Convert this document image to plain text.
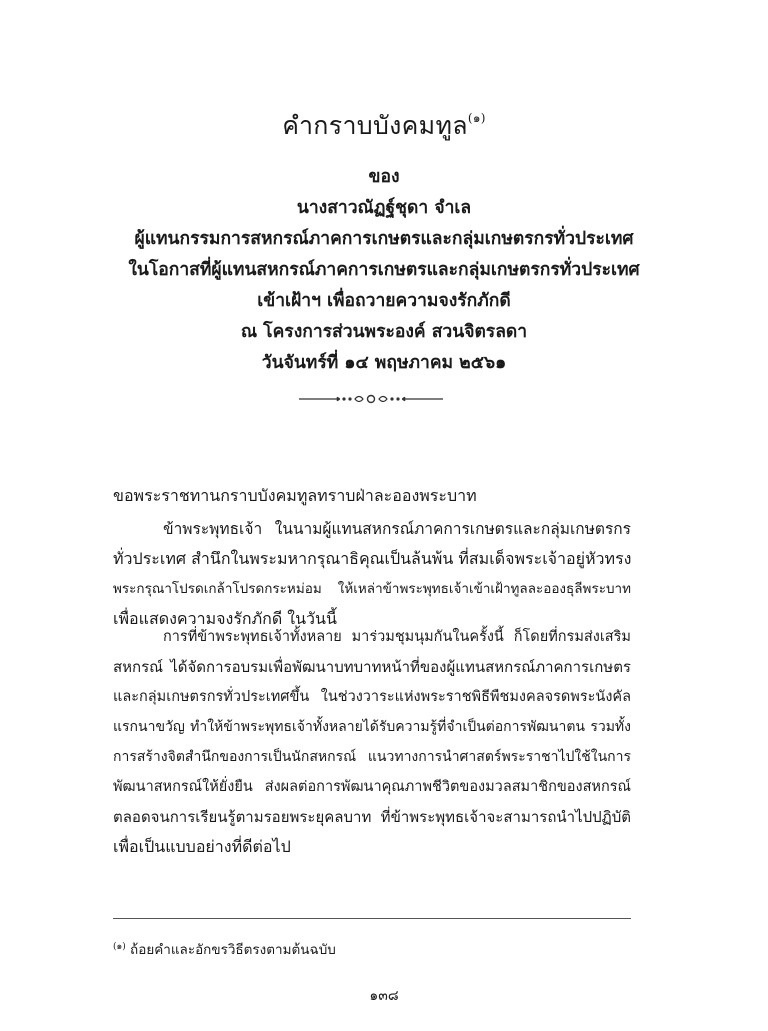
คำกราบบังคมทูล$^{(๑)}$
ของ
นางสาวณัฏฐ์ชุดา จำเล
ผู้แทนกรรมการสหกรณ์ภาคการเกษตรและกลุ่มเกษตรกรทั่วประเทศ
ในโอกาสที่ผู้แทนสหกรณ์ภาคการเกษตรและกลุ่มเกษตรกรทั่วประเทศ
เข้าเฝ้าฯ เพื่อถวายความจงรักภักดี
ณ โครงการส่วนพระองค์ สวนจิตรลดา
วันจันทร์ที่ ๑๔ พฤษภาคม ๒๕๖๑
ขอพระราชทานกราบบังคมทูลทราบฝ่าละอองพระบาท
ข้าพระพุทธเจ้า ในนามผู้แทนสหกรณ์ภาคการเกษตรและกลุ่มเกษตรกร
ทั่วประเทศ สำนึกในพระมหากรุณาธิคุณเป็นล้นพ้น ที่สมเด็จพระเจ้าอยู่หัวทรง
พระกรุณาโปรดเกล้าโปรดกระหม่อม ให้เหล่าข้าพระพุทธเจ้าเข้าเฝ้าทูลละอองธุลีพระบาท
เพื่อแสดงความจงรักภักดี ในวันนี้
การที่ข้าพระพุทธเจ้าทั้งหลาย มาร่วมชุมนุมกันในครั้งนี้ ก็โดยที่กรมส่งเสริม
สหกรณ์ ได้จัดการอบรมเพื่อพัฒนาบทบาทหน้าที่ของผู้แทนสหกรณ์ภาคการเกษตร
และกลุ่มเกษตรกรทั่วประเทศขึ้น ในช่วงวาระแห่งพระราชพิธีพืชมงคลจรดพระนังคัล
แรกนาขวัญ ทำให้ข้าพระพุทธเจ้าทั้งหลายได้รับความรู้ที่จำเป็นต่อการพัฒนาตน รวมทั้ง
การสร้างจิตสำนึกของการเป็นนักสหกรณ์ แนวทางการนำศาสตร์พระราชาไปใช้ในการ
พัฒนาสหกรณ์ให้ยั่งยืน ส่งผลต่อการพัฒนาคุณภาพชีวิตของมวลสมาชิกของสหกรณ์
ตลอดจนการเรียนรู้ตามรอยพระยุคลบาท ที่ข้าพระพุทธเจ้าจะสามารถนำไปปฏิบัติ
เพื่อเป็นแบบอย่างที่ดีต่อไป
$^{(๑)}$ ถ้อยคำและอักขรวิธีตรงตามต้นฉบับ
๑๓๘
